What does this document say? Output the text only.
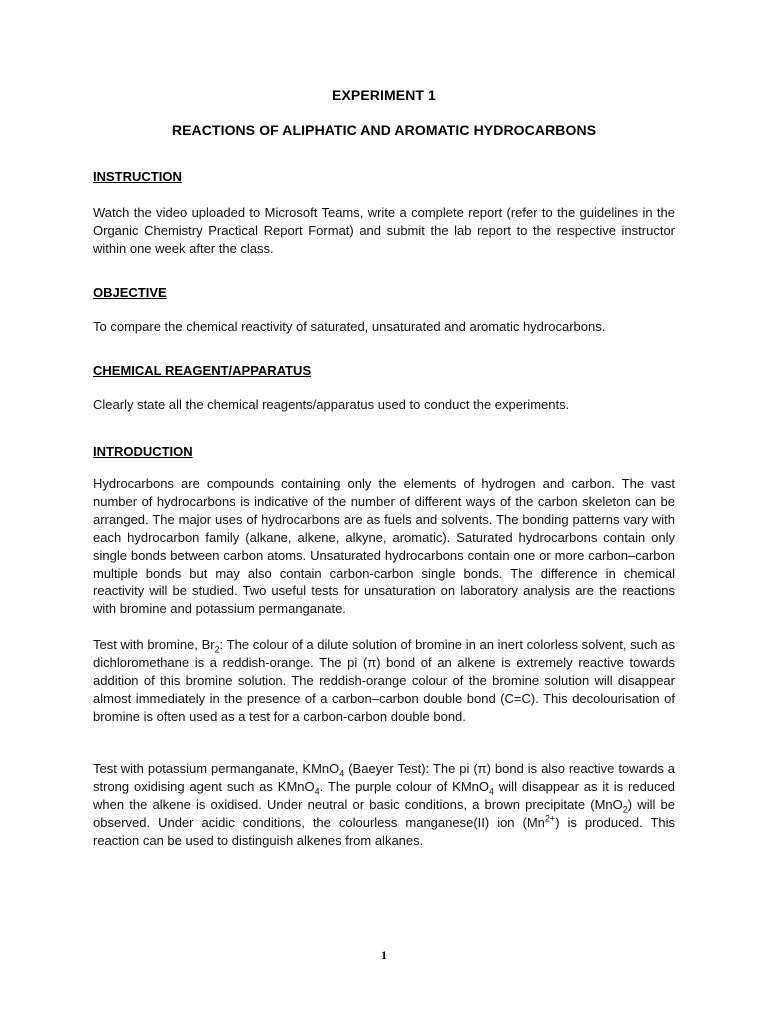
EXPERIMENT 1
REACTIONS OF ALIPHATIC AND AROMATIC HYDROCARBONS
INSTRUCTION
Watch the video uploaded to Microsoft Teams, write a complete report (refer to the guidelines in the Organic Chemistry Practical Report Format) and submit the lab report to the respective instructor within one week after the class.
OBJECTIVE
To compare the chemical reactivity of saturated, unsaturated and aromatic hydrocarbons.
CHEMICAL REAGENT/APPARATUS
Clearly state all the chemical reagents/apparatus used to conduct the experiments.
INTRODUCTION
Hydrocarbons are compounds containing only the elements of hydrogen and carbon. The vast number of hydrocarbons is indicative of the number of different ways of the carbon skeleton can be arranged. The major uses of hydrocarbons are as fuels and solvents. The bonding patterns vary with each hydrocarbon family (alkane, alkene, alkyne, aromatic). Saturated hydrocarbons contain only single bonds between carbon atoms. Unsaturated hydrocarbons contain one or more carbon–carbon multiple bonds but may also contain carbon-carbon single bonds. The difference in chemical reactivity will be studied. Two useful tests for unsaturation on laboratory analysis are the reactions with bromine and potassium permanganate.
Test with bromine, $Br_2$: The colour of a dilute solution of bromine in an inert colorless solvent, such as dichloromethane is a reddish-orange. The pi (π) bond of an alkene is extremely reactive towards addition of this bromine solution. The reddish-orange colour of the bromine solution will disappear almost immediately in the presence of a carbon–carbon double bond (C=C). This decolourisation of bromine is often used as a test for a carbon-carbon double bond.
Test with potassium permanganate, KMnO$_4$ (Baeyer Test): The pi (π) bond is also reactive towards a strong oxidising agent such as KMnO$_4$. The purple colour of KMnO$_4$ will disappear as it is reduced when the alkene is oxidised. Under neutral or basic conditions, a brown precipitate (MnO$_2$) will be observed. Under acidic conditions, the colourless manganese(II) ion $(Mn^{2+})$ is produced. This reaction can be used to distinguish alkenes from alkanes.
1
